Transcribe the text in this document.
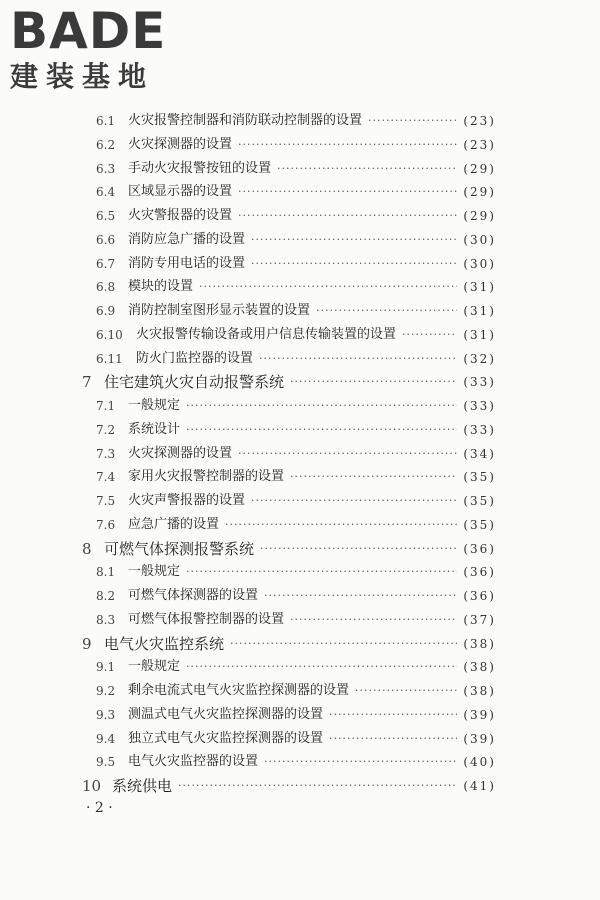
BADE
建装基地
6.1 火灾报警控制器和消防联动控制器的设置 ·····	(23)
6.2 火灾探测器的设置 ·····	(23)
6.3 手动火灾报警按钮的设置 ·····	(29)
6.4 区域显示器的设置 ·····	(29)
6.5 火灾警报器的设置 ·····	(29)
6.6 消防应急广播的设置 ·····	(30)
6.7 消防专用电话的设置 ·····	(30)
6.8 模块的设置 ·····	(31)
6.9 消防控制室图形显示装置的设置 ·····	(31)
6.10	火灾报警传输设备或用户信息传输装置的设置 ·····	(31)
6.11	防火门监控器的设置 ·····	(32)
7 住宅建筑火灾自动报警系统 ·····	(33)
7.1 一般规定 ·····	(33)
7.2 系统设计 ·····	(33)
7.3 火灾探测器的设置 ·····	(34)
7.4 家用火灾报警控制器的设置 ·····	(35)
7.5 火灾声警报器的设置 ·····	(35)
7.6 应急广播的设置 ·····	(35)
8 可燃气体探测报警系统 ·····	(36)
8.1 一般规定 ·····	(36)
8.2 可燃气体探测器的设置 ·····	(36)
8.3 可燃气体报警控制器的设置 ·····	(37)
9 电气火灾监控系统 ·····	(38)
9.1 一般规定 ·····	(38)
9.2 剩余电流式电气火灾监控探测器的设置 ·····	(38)
9.3 测温式电气火灾监控探测器的设置 ·····	(39)
9.4 独立式电气火灾监控探测器的设置 ·····	(39)
9.5 电气火灾监控器的设置 ·····	(40)
10 系统供电 ·····	(41)
· 2 ·
